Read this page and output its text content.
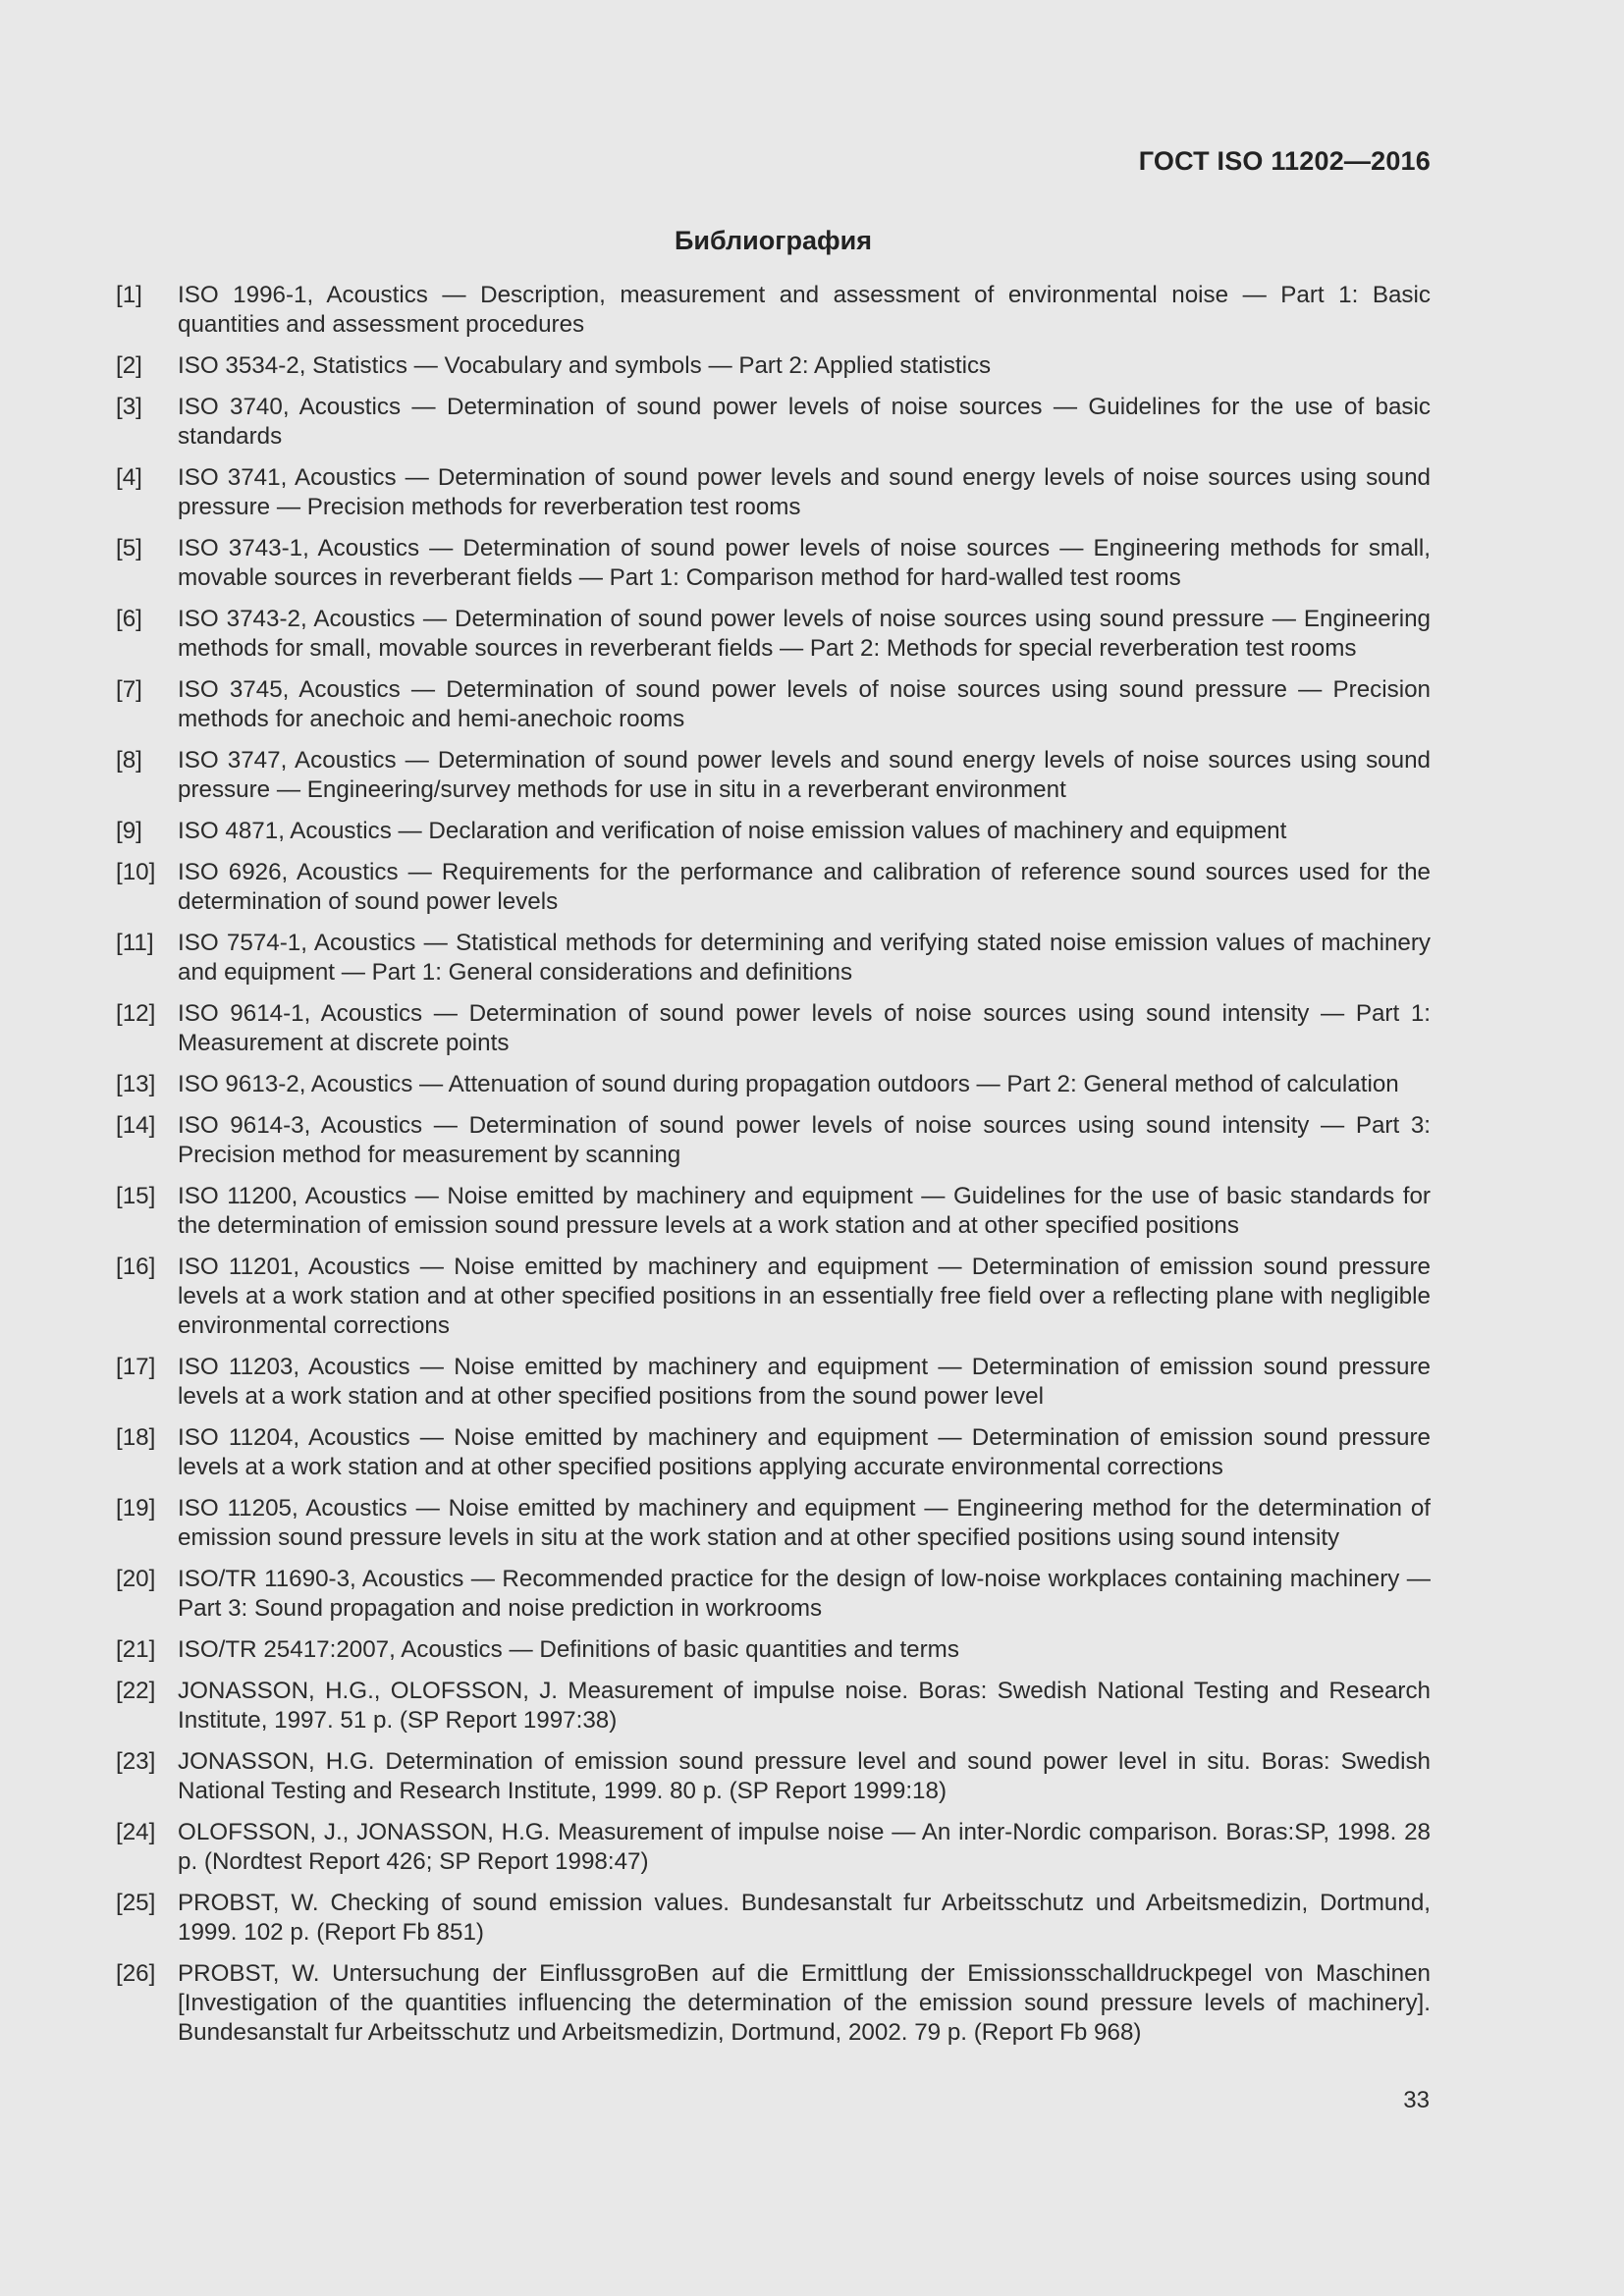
ГОСТ ISO 11202—2016
Библиография
[1]	ISO 1996-1, Acoustics — Description, measurement and assessment of environmental noise — Part 1: Basic quantities and assessment procedures
[2]	ISO 3534-2, Statistics — Vocabulary and symbols — Part 2: Applied statistics
[3]	ISO 3740, Acoustics — Determination of sound power levels of noise sources — Guidelines for the use of basic standards
[4]	ISO 3741, Acoustics — Determination of sound power levels and sound energy levels of noise sources using sound pressure — Precision methods for reverberation test rooms
[5]	ISO 3743-1, Acoustics — Determination of sound power levels of noise sources — Engineering methods for small, movable sources in reverberant fields — Part 1: Comparison method for hard-walled test rooms
[6]	ISO 3743-2, Acoustics — Determination of sound power levels of noise sources using sound pressure — Engineering methods for small, movable sources in reverberant fields — Part 2: Methods for special reverberation test rooms
[7]	ISO 3745, Acoustics — Determination of sound power levels of noise sources using sound pressure — Precision methods for anechoic and hemi-anechoic rooms
[8]	ISO 3747, Acoustics — Determination of sound power levels and sound energy levels of noise sources using sound pressure — Engineering/survey methods for use in situ in a reverberant environment
[9]	ISO 4871, Acoustics — Declaration and verification of noise emission values of machinery and equipment
[10] ISO 6926, Acoustics — Requirements for the performance and calibration of reference sound sources used for the determination of sound power levels
[11]	ISO 7574-1, Acoustics — Statistical methods for determining and verifying stated noise emission values of machinery and equipment — Part 1: General considerations and definitions
[12] ISO 9614-1, Acoustics — Determination of sound power levels of noise sources using sound intensity — Part 1: Measurement at discrete points
[13] ISO 9613-2, Acoustics — Attenuation of sound during propagation outdoors — Part 2: General method of calculation
[14] ISO 9614-3, Acoustics — Determination of sound power levels of noise sources using sound intensity — Part 3: Precision method for measurement by scanning
[15] ISO 11200, Acoustics — Noise emitted by machinery and equipment — Guidelines for the use of basic standards for the determination of emission sound pressure levels at a work station and at other specified positions
[16] ISO 11201, Acoustics — Noise emitted by machinery and equipment — Determination of emission sound pressure levels at a work station and at other specified positions in an essentially free field over a reflecting plane with negligible environmental corrections
[17] ISO 11203, Acoustics — Noise emitted by machinery and equipment — Determination of emission sound pressure levels at a work station and at other specified positions from the sound power level
[18] ISO 11204, Acoustics — Noise emitted by machinery and equipment — Determination of emission sound pressure levels at a work station and at other specified positions applying accurate environmental corrections
[19] ISO 11205, Acoustics — Noise emitted by machinery and equipment — Engineering method for the determination of emission sound pressure levels in situ at the work station and at other specified positions using sound intensity
[20] ISO/TR 11690-3, Acoustics — Recommended practice for the design of low-noise workplaces containing machinery — Part 3: Sound propagation and noise prediction in workrooms
[21] ISO/TR 25417:2007, Acoustics — Definitions of basic quantities and terms
[22] JONASSON, H.G., OLOFSSON, J. Measurement of impulse noise. Boras: Swedish National Testing and Research Institute, 1997. 51 p. (SP Report 1997:38)
[23] JONASSON, H.G. Determination of emission sound pressure level and sound power level in situ. Boras: Swedish National Testing and Research Institute, 1999. 80 p. (SP Report 1999:18)
[24] OLOFSSON, J., JONASSON, H.G. Measurement of impulse noise — An inter-Nordic comparison. Boras:SP, 1998. 28 p. (Nordtest Report 426; SP Report 1998:47)
[25] PROBST, W. Checking of sound emission values. Bundesanstalt fur Arbeitsschutz und Arbeitsmedizin, Dortmund, 1999. 102 p. (Report Fb 851)
[26] PROBST, W. Untersuchung der EinflussgroBen auf die Ermittlung der Emissionsschalldruckpegel von Maschinen [Investigation of the quantities influencing the determination of the emission sound pressure levels of machinery]. Bundesanstalt fur Arbeitsschutz und Arbeitsmedizin, Dortmund, 2002. 79 p. (Report Fb 968)
33
